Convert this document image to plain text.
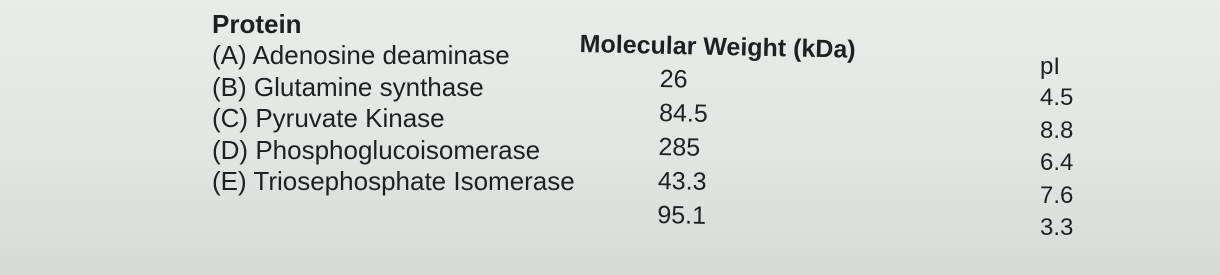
Protein
(A) Adenosine deaminase
(B) Glutamine synthase
(C) Pyruvate Kinase
(D) Phosphoglucoisomerase
(E) Triosephosphate Isomerase
Molecular Weight (kDa)
26
84.5
285
43.3
95.1
pI
4.5
8.8
6.4
7.6
3.3
